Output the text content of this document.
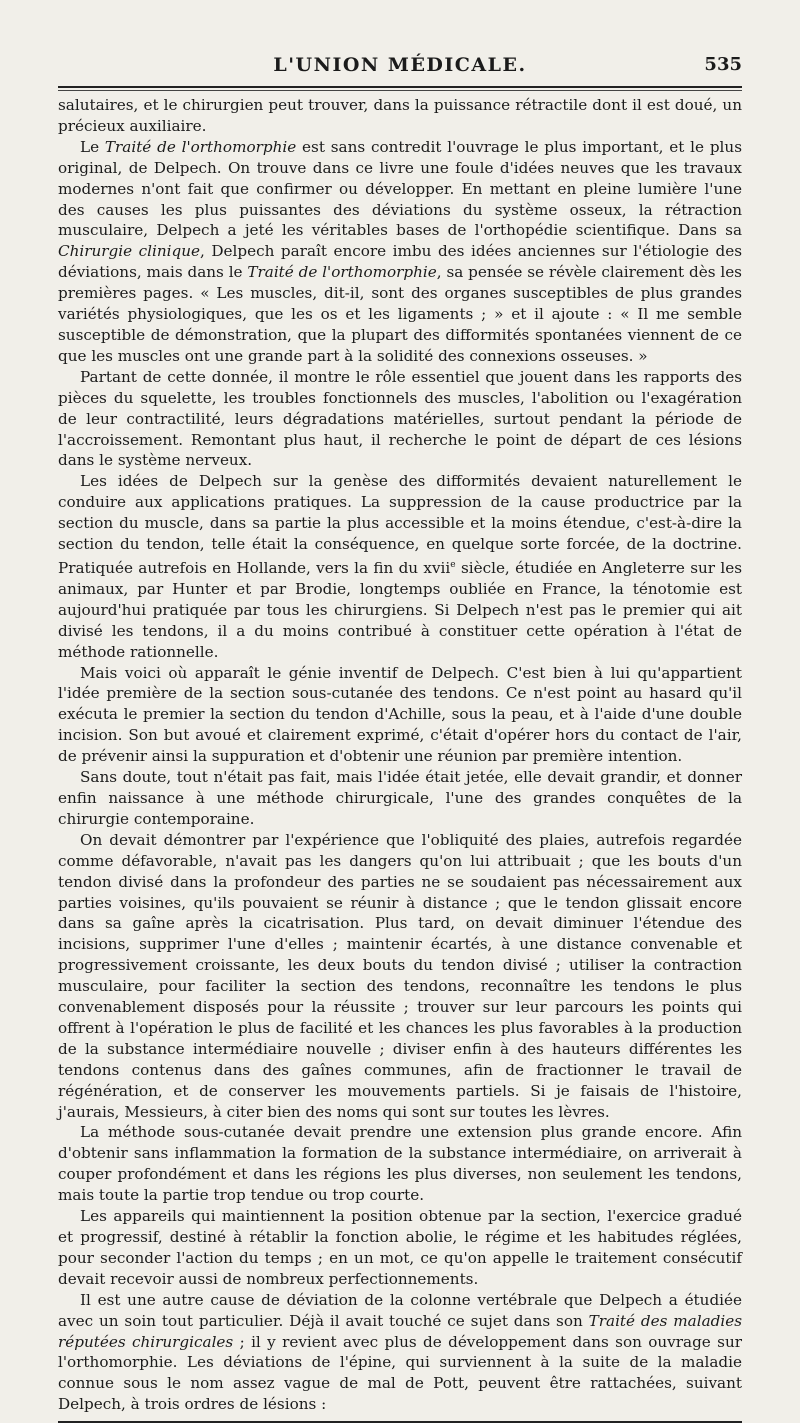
L'UNION MÉDICALE.	535

salutaires, et le chirurgien peut trouver, dans la puissance rétractile dont il est doué, un précieux auxiliaire.

Le Traité de l'orthomorphie est sans contredit l'ouvrage le plus important, et le plus original, de Delpech. On trouve dans ce livre une foule d'idées neuves que les travaux modernes n'ont fait que confirmer ou développer. En mettant en pleine lumière l'une des causes les plus puissantes des déviations du système osseux, la rétraction musculaire, Delpech a jeté les véritables bases de l'orthopédie scientifique. Dans sa Chirurgie clinique, Delpech paraît encore imbu des idées anciennes sur l'étiologie des déviations, mais dans le Traité de l'orthomorphie, sa pensée se révèle clairement dès les premières pages. « Les muscles, dit-il, sont des organes susceptibles de plus grandes variétés physiologiques, que les os et les ligaments ; » et il ajoute : « Il me semble susceptible de démonstration, que la plupart des difformités spontanées viennent de ce que les muscles ont une grande part à la solidité des connexions osseuses. »

Partant de cette donnée, il montre le rôle essentiel que jouent dans les rapports des pièces du squelette, les troubles fonctionnels des muscles, l'abolition ou l'exagération de leur contractilité, leurs dégradations matérielles, surtout pendant la période de l'accroissement. Remontant plus haut, il recherche le point de départ de ces lésions dans le système nerveux.

Les idées de Delpech sur la genèse des difformités devaient naturellement le conduire aux applications pratiques. La suppression de la cause productrice par la section du muscle, dans sa partie la plus accessible et la moins étendue, c'est-à-dire la section du tendon, telle était la conséquence, en quelque sorte forcée, de la doctrine. Pratiquée autrefois en Hollande, vers la fin du xvii$^e$ siècle, étudiée en Angleterre sur les animaux, par Hunter et par Brodie, longtemps oubliée en France, la ténotomie est aujourd'hui pratiquée par tous les chirurgiens. Si Delpech n'est pas le premier qui ait divisé les tendons, il a du moins contribué à constituer cette opération à l'état de méthode rationnelle.

Mais voici où apparaît le génie inventif de Delpech. C'est bien à lui qu'appartient l'idée première de la section sous-cutanée des tendons. Ce n'est point au hasard qu'il exécuta le premier la section du tendon d'Achille, sous la peau, et à l'aide d'une double incision. Son but avoué et clairement exprimé, c'était d'opérer hors du contact de l'air, de prévenir ainsi la suppuration et d'obtenir une réunion par première intention.

Sans doute, tout n'était pas fait, mais l'idée était jetée, elle devait grandir, et donner enfin naissance à une méthode chirurgicale, l'une des grandes conquêtes de la chirurgie contemporaine.

On devait démontrer par l'expérience que l'obliquité des plaies, autrefois regardée comme défavorable, n'avait pas les dangers qu'on lui attribuait ; que les bouts d'un tendon divisé dans la profondeur des parties ne se soudaient pas nécessairement aux parties voisines, qu'ils pouvaient se réunir à distance ; que le tendon glissait encore dans sa gaîne après la cicatrisation. Plus tard, on devait diminuer l'étendue des incisions, supprimer l'une d'elles ; maintenir écartés, à une distance convenable et progressivement croissante, les deux bouts du tendon divisé ; utiliser la contraction musculaire, pour faciliter la section des tendons, reconnaître les tendons le plus convenablement disposés pour la réussite ; trouver sur leur parcours les points qui offrent à l'opération le plus de facilité et les chances les plus favorables à la production de la substance intermédiaire nouvelle ; diviser enfin à des hauteurs différentes les tendons contenus dans des gaînes communes, afin de fractionner le travail de régénération, et de conserver les mouvements partiels. Si je faisais de l'histoire, j'aurais, Messieurs, à citer bien des noms qui sont sur toutes les lèvres.

La méthode sous-cutanée devait prendre une extension plus grande encore. Afin d'obtenir sans inflammation la formation de la substance intermédiaire, on arriverait à couper profondément et dans les régions les plus diverses, non seulement les tendons, mais toute la partie trop tendue ou trop courte.

Les appareils qui maintiennent la position obtenue par la section, l'exercice gradué et progressif, destiné à rétablir la fonction abolie, le régime et les habitudes réglées, pour seconder l'action du temps ; en un mot, ce qu'on appelle le traitement consécutif devait recevoir aussi de nombreux perfectionnements.

Il est une autre cause de déviation de la colonne vertébrale que Delpech a étudiée avec un soin tout particulier. Déjà il avait touché ce sujet dans son Traité des maladies réputées chirurgicales ; il y revient avec plus de développement dans son ouvrage sur l'orthomorphie. Les déviations de l'épine, qui surviennent à la suite de la maladie connue sous le nom assez vague de mal de Pott, peuvent être rattachées, suivant Delpech, à trois ordres de lésions :
